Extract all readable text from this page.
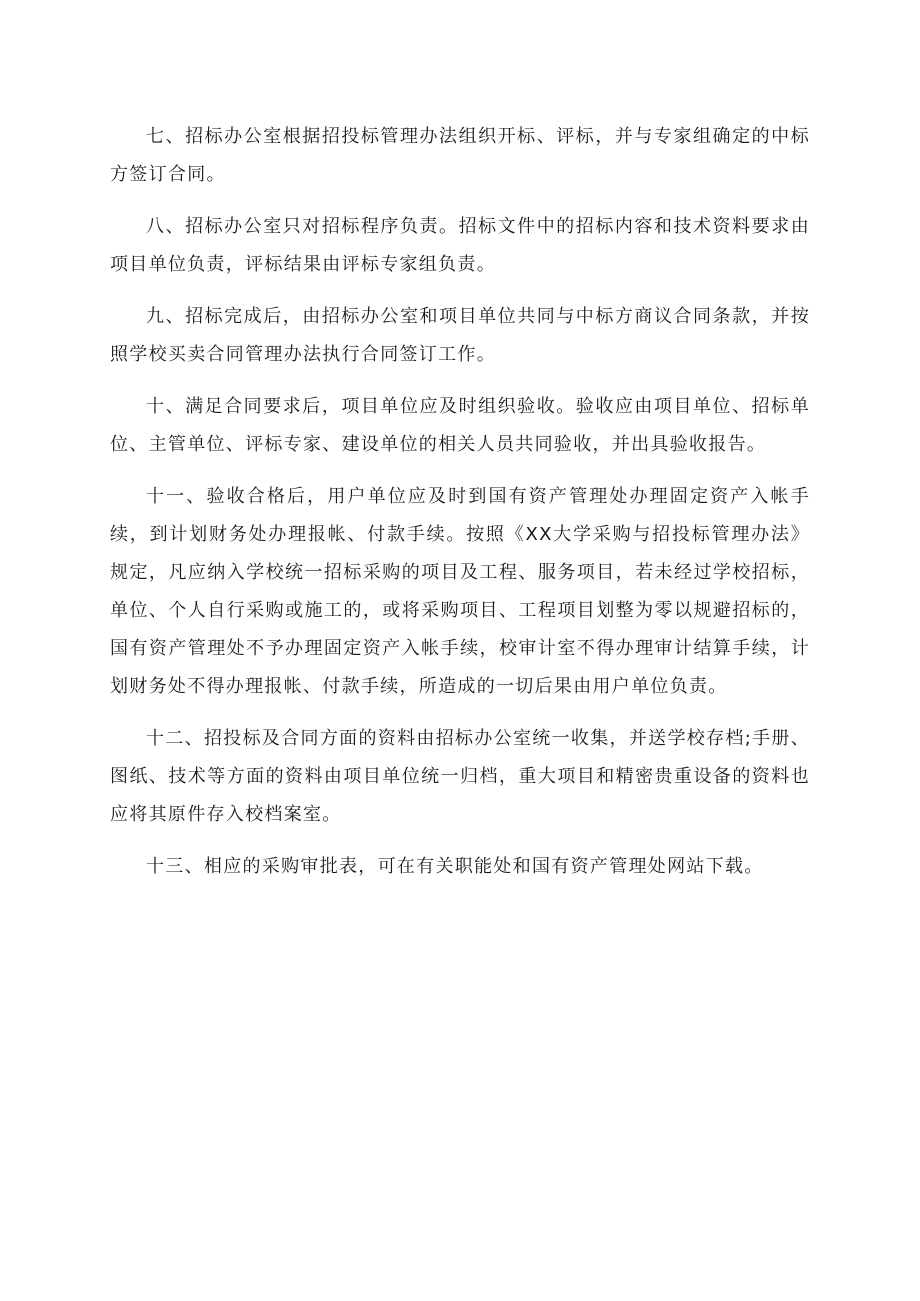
七、招标办公室根据招投标管理办法组织开标、评标，并与专家组确定的中标方签订合同。

八、招标办公室只对招标程序负责。招标文件中的招标内容和技术资料要求由项目单位负责，评标结果由评标专家组负责。

九、招标完成后，由招标办公室和项目单位共同与中标方商议合同条款，并按照学校买卖合同管理办法执行合同签订工作。

十、满足合同要求后，项目单位应及时组织验收。验收应由项目单位、招标单位、主管单位、评标专家、建设单位的相关人员共同验收，并出具验收报告。

十一、验收合格后，用户单位应及时到国有资产管理处办理固定资产入帐手续，到计划财务处办理报帐、付款手续。按照《XX大学采购与招投标管理办法》规定，凡应纳入学校统一招标采购的项目及工程、服务项目，若未经过学校招标，单位、个人自行采购或施工的，或将采购项目、工程项目划整为零以规避招标的，国有资产管理处不予办理固定资产入帐手续，校审计室不得办理审计结算手续，计划财务处不得办理报帐、付款手续，所造成的一切后果由用户单位负责。

十二、招投标及合同方面的资料由招标办公室统一收集，并送学校存档;手册、图纸、技术等方面的资料由项目单位统一归档，重大项目和精密贵重设备的资料也应将其原件存入校档案室。

十三、相应的采购审批表，可在有关职能处和国有资产管理处网站下载。
